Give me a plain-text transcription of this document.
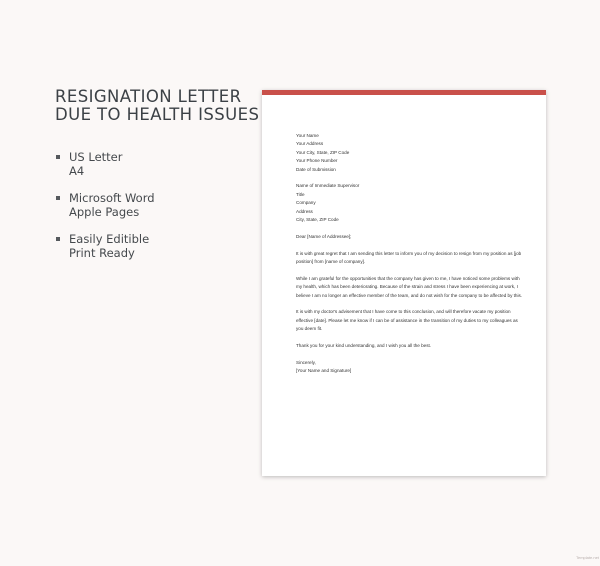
RESIGNATION LETTER
DUE TO HEALTH ISSUES
US Letter
A4
Microsoft Word
Apple Pages
Easily Editible
Print Ready
Your Name
Your Address
Your City, State, ZIP Code
Your Phone Number
Date of Submission
Name of Immediate Supervisor
Title
Company
Address
City, State, ZIP Code

Dear [Name of Addressee];

It is with great regret that I am sending this letter to inform you of my decision to resign from my position as [job position] from [name of company].

While I am grateful for the opportunities that the company has given to me, I have noticed some problems with my health, which has been deteriorating. Because of the strain and stress I have been experiencing at work, I believe I am no longer an effective member of the team, and do not wish for the company to be affected by this.

It is with my doctor's advisement that I have come to this conclusion, and will therefore vacate my position effective [date]. Please let me know if I can be of assistance in the transition of my duties to my colleagues as you deem fit.

Thank you for your kind understanding, and I wish you all the best.

Sincerely,
[Your Name and Signature]
Template.net
